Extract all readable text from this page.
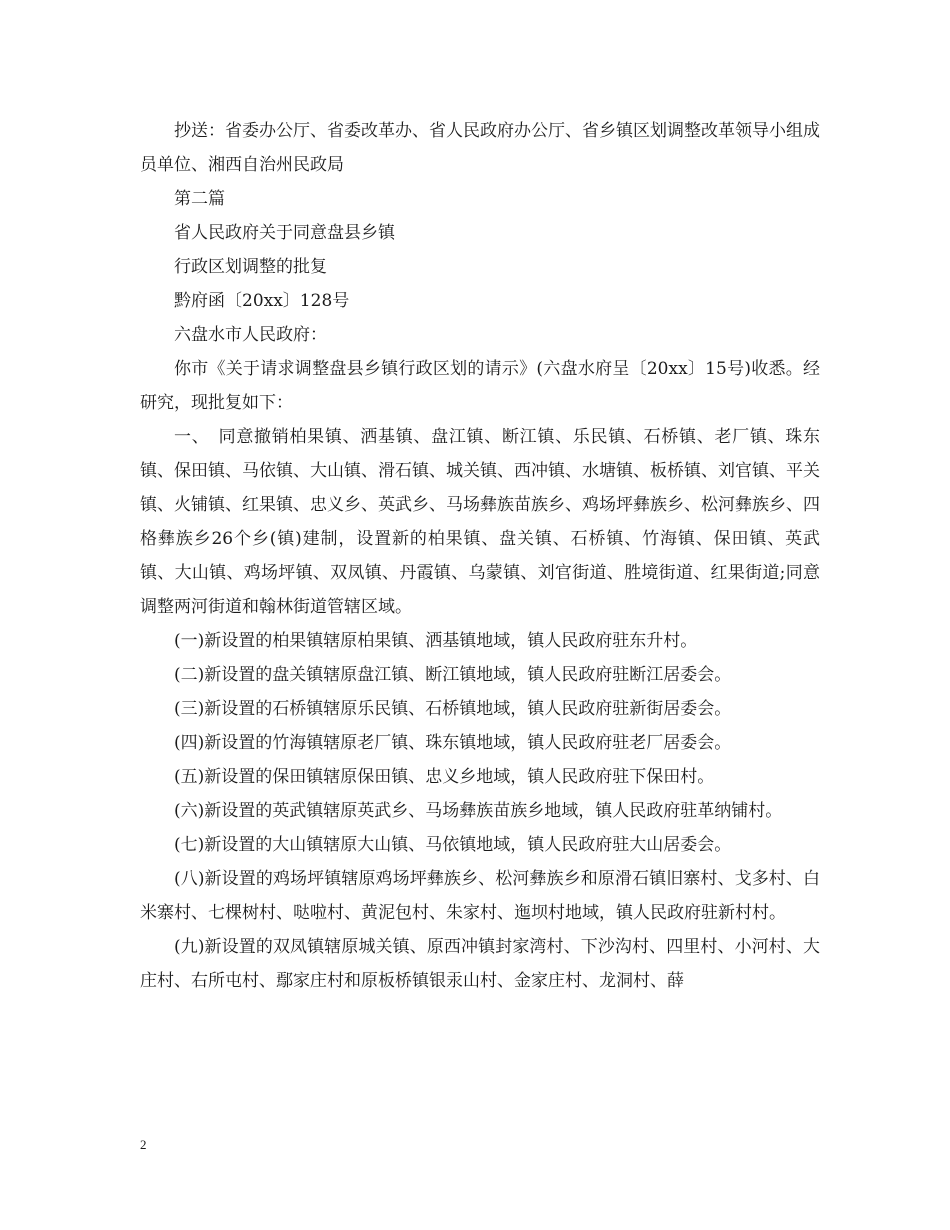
抄送：省委办公厅、省委改革办、省人民政府办公厅、省乡镇区划调整改革领导小组成员单位、湘西自治州民政局

第二篇

省人民政府关于同意盘县乡镇

行政区划调整的批复

黔府函〔20xx〕128号

六盘水市人民政府：

你市《关于请求调整盘县乡镇行政区划的请示》(六盘水府呈〔20xx〕15号)收悉。经研究，现批复如下：

一、　同意撤销柏果镇、洒基镇、盘江镇、断江镇、乐民镇、石桥镇、老厂镇、珠东镇、保田镇、马依镇、大山镇、滑石镇、城关镇、西冲镇、水塘镇、板桥镇、刘官镇、平关镇、火铺镇、红果镇、忠义乡、英武乡、马场彝族苗族乡、鸡场坪彝族乡、松河彝族乡、四格彝族乡26个乡(镇)建制，设置新的柏果镇、盘关镇、石桥镇、竹海镇、保田镇、英武镇、大山镇、鸡场坪镇、双凤镇、丹霞镇、乌蒙镇、刘官街道、胜境街道、红果街道;同意调整两河街道和翰林街道管辖区域。

(一)新设置的柏果镇辖原柏果镇、洒基镇地域，镇人民政府驻东升村。

(二)新设置的盘关镇辖原盘江镇、断江镇地域，镇人民政府驻断江居委会。

(三)新设置的石桥镇辖原乐民镇、石桥镇地域，镇人民政府驻新街居委会。

(四)新设置的竹海镇辖原老厂镇、珠东镇地域，镇人民政府驻老厂居委会。

(五)新设置的保田镇辖原保田镇、忠义乡地域，镇人民政府驻下保田村。

(六)新设置的英武镇辖原英武乡、马场彝族苗族乡地域，镇人民政府驻革纳铺村。

(七)新设置的大山镇辖原大山镇、马依镇地域，镇人民政府驻大山居委会。

(八)新设置的鸡场坪镇辖原鸡场坪彝族乡、松河彝族乡和原滑石镇旧寨村、戈多村、白米寨村、七棵树村、哒啦村、黄泥包村、朱家村、迤坝村地域，镇人民政府驻新村村。

(九)新设置的双凤镇辖原城关镇、原西冲镇封家湾村、下沙沟村、四里村、小河村、大庄村、右所屯村、鄢家庄村和原板桥镇银汞山村、金家庄村、龙洞村、薛

2
